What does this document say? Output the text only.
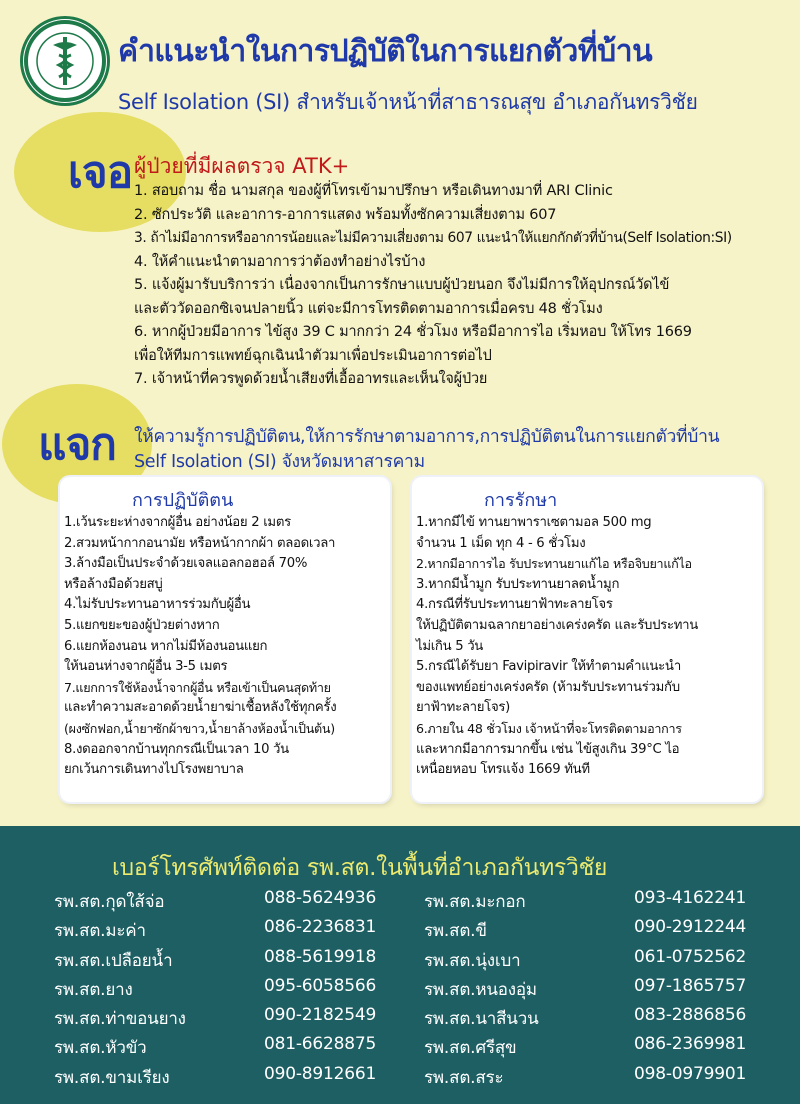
คำแนะนำในการปฏิบัติในการแยกตัวที่บ้าน
Self Isolation (SI) สำหรับเจ้าหน้าที่สาธารณสุข อำเภอกันทรวิชัย
เจอ ผู้ป่วยที่มีผลตรวจ ATK+
1. สอบถาม ชื่อ นามสกุล ของผู้ที่โทรเข้ามาปรึกษา หรือเดินทางมาที่ ARI Clinic
2. ซักประวัติ และอาการ-อาการแสดง พร้อมทั้งซักความเสี่ยงตาม 607
3. ถ้าไม่มีอาการหรืออาการน้อยและไม่มีความเสี่ยงตาม 607 แนะนำให้แยกกักตัวที่บ้าน(Self Isolation:SI)
4. ให้คำแนะนำตามอาการว่าต้องทำอย่างไรบ้าง
5. แจ้งผู้มารับบริการว่า เนื่องจากเป็นการรักษาแบบผู้ป่วยนอก จึงไม่มีการให้อุปกรณ์วัดไข้
และตัววัดออกซิเจนปลายนิ้ว แต่จะมีการโทรติดตามอาการเมื่อครบ 48 ชั่วโมง
6. หากผู้ป่วยมีอาการ ไข้สูง 39 C มากกว่า 24 ชั่วโมง หรือมีอาการไอ เริ่มหอบ ให้โทร 1669
เพื่อให้ทีมการแพทย์ฉุกเฉินนำตัวมาเพื่อประเมินอาการต่อไป
7. เจ้าหน้าที่ควรพูดด้วยน้ำเสียงที่เอื้ออาทรและเห็นใจผู้ป่วย
แจก ให้ความรู้การปฏิบัติตน,ให้การรักษาตามอาการ,การปฏิบัติตนในการแยกตัวที่บ้าน
Self Isolation (SI) จังหวัดมหาสารคาม
การปฏิบัติตน
1.เว้นระยะห่างจากผู้อื่น อย่างน้อย 2 เมตร
2.สวมหน้ากากอนามัย หรือหน้ากากผ้า ตลอดเวลา
3.ล้างมือเป็นประจำด้วยเจลแอลกอฮอล์ 70%
หรือล้างมือด้วยสบู่
4.ไม่รับประทานอาหารร่วมกับผู้อื่น
5.แยกขยะของผู้ป่วยต่างหาก
6.แยกห้องนอน หากไม่มีห้องนอนแยก
ให้นอนห่างจากผู้อื่น 3-5 เมตร
7.แยกการใช้ห้องน้ำจากผู้อื่น หรือเข้าเป็นคนสุดท้าย
และทำความสะอาดด้วยน้ำยาฆ่าเชื้อหลังใช้ทุกครั้ง
(ผงซักฟอก,น้ำยาซักผ้าขาว,น้ำยาล้างห้องน้ำเป็นต้น)
8.งดออกจากบ้านทุกกรณีเป็นเวลา 10 วัน
ยกเว้นการเดินทางไปโรงพยาบาล
การรักษา
1.หากมีไข้ ทานยาพาราเซตามอล 500 mg
จำนวน 1 เม็ด ทุก 4 - 6 ชั่วโมง
2.หากมีอาการไอ รับประทานยาแก้ไอ หรือจิบยาแก้ไอ
3.หากมีน้ำมูก รับประทานยาลดน้ำมูก
4.กรณีที่รับประทานยาฟ้าทะลายโจร
ให้ปฏิบัติตามฉลากยาอย่างเคร่งครัด และรับประทาน
ไม่เกิน 5 วัน
5.กรณีได้รับยา Favipiravir ให้ทำตามคำแนะนำ
ของแพทย์อย่างเคร่งครัด (ห้ามรับประทานร่วมกับ
ยาฟ้าทะลายโจร)
6.ภายใน 48 ชั่วโมง เจ้าหน้าที่จะโทรติดตามอาการ
และหากมีอาการมากขึ้น เช่น ไข้สูงเกิน 39°C ไอ
เหนื่อยหอบ โทรแจ้ง 1669 ทันที
เบอร์โทรศัพท์ติดต่อ รพ.สต.ในพื้นที่อำเภอกันทรวิชัย
รพ.สต.กุดใส้จ่อ	088-5624936
รพ.สต.มะค่า	086-2236831
รพ.สต.เปลือยน้ำ	088-5619918
รพ.สต.ยาง	095-6058566
รพ.สต.ท่าขอนยาง	090-2182549
รพ.สต.หัวขัว	081-6628875
รพ.สต.ขามเรียง	090-8912661
รพ.สต.มะกอก	093-4162241
รพ.สต.ขี	090-2912244
รพ.สต.นุ่งเบา	061-0752562
รพ.สต.หนองอุ่ม	097-1865757
รพ.สต.นาสีนวน	083-2886856
รพ.สต.ศรีสุข	086-2369981
รพ.สต.สระ	098-0979901
